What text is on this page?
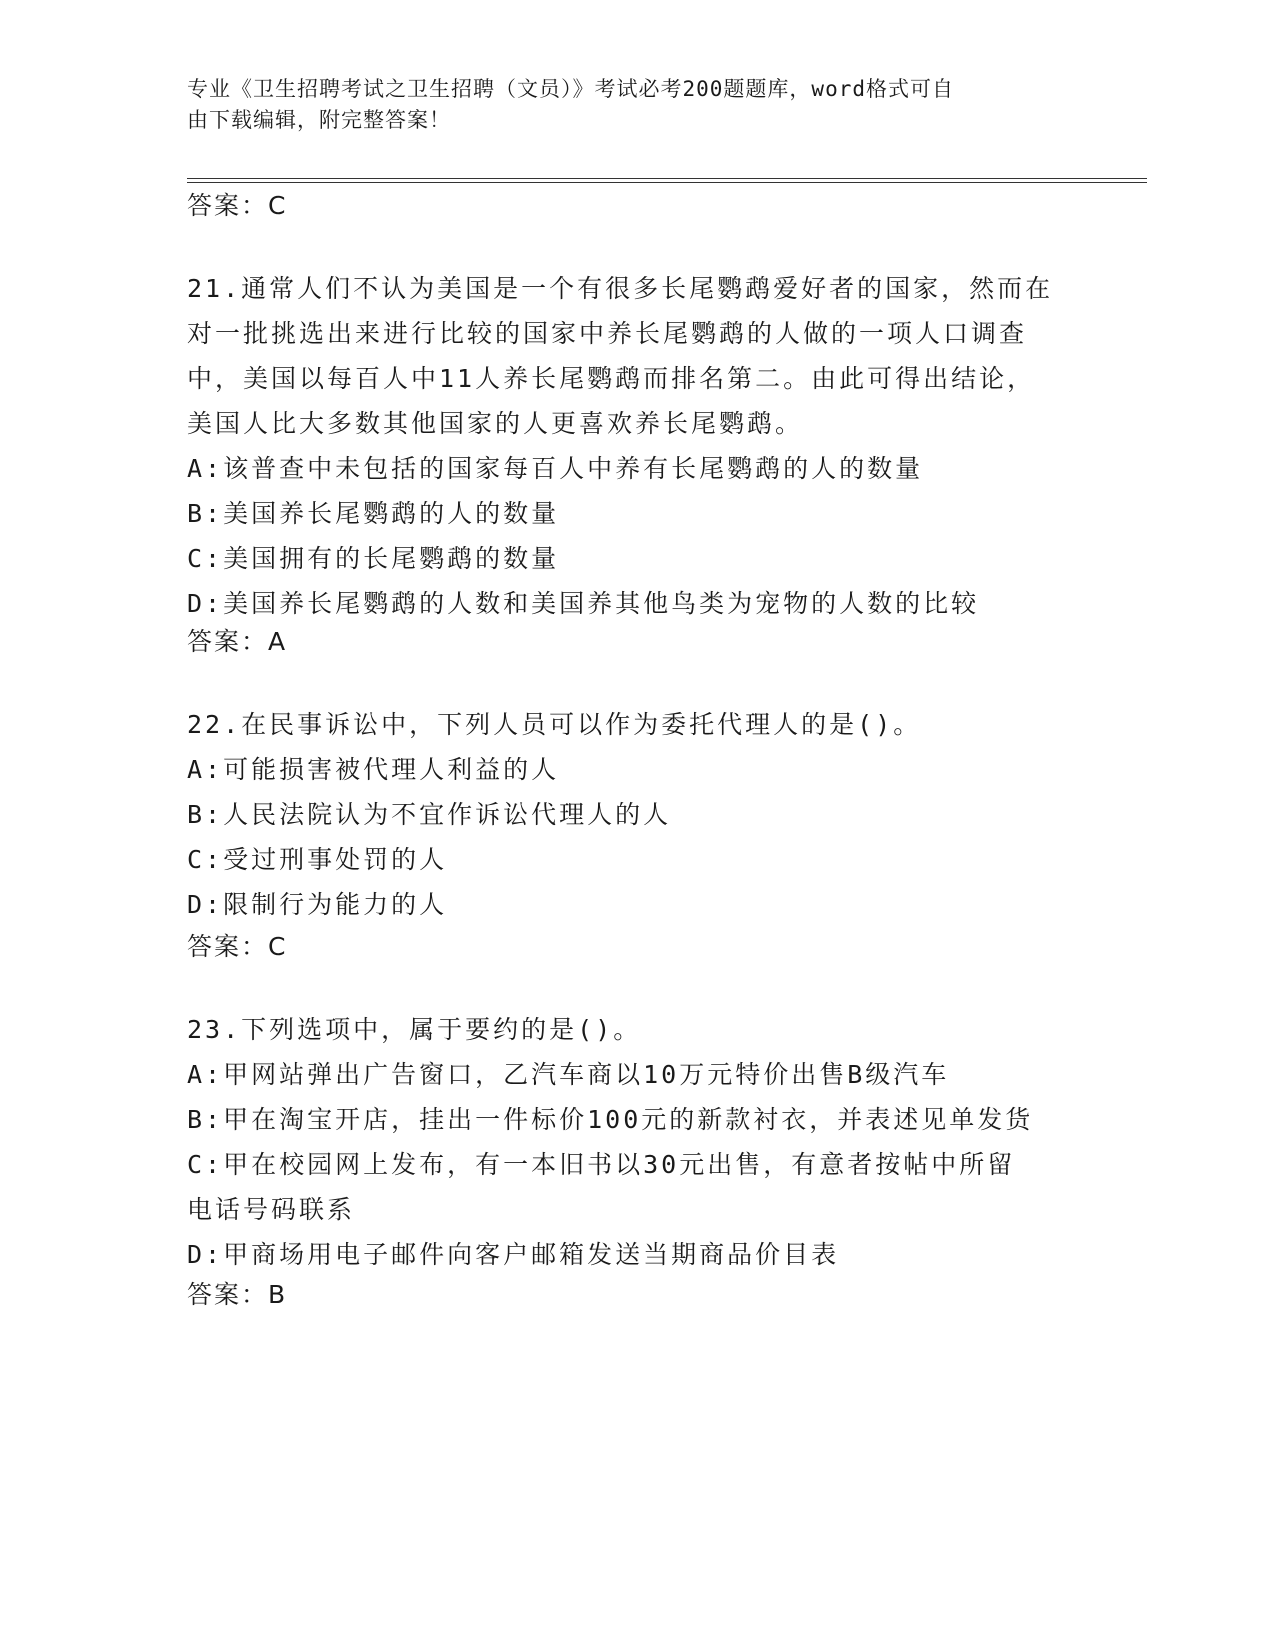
专业《卫生招聘考试之卫生招聘（文员）》考试必考200题题库，word格式可自
由下载编辑，附完整答案！
答案：C
21.通常人们不认为美国是一个有很多长尾鹦鹉爱好者的国家，然而在
对一批挑选出来进行比较的国家中养长尾鹦鹉的人做的一项人口调查
中，美国以每百人中11人养长尾鹦鹉而排名第二。由此可得出结论，
美国人比大多数其他国家的人更喜欢养长尾鹦鹉。
A:该普查中未包括的国家每百人中养有长尾鹦鹉的人的数量
B:美国养长尾鹦鹉的人的数量
C:美国拥有的长尾鹦鹉的数量
D:美国养长尾鹦鹉的人数和美国养其他鸟类为宠物的人数的比较
答案：A
22.在民事诉讼中，下列人员可以作为委托代理人的是()。
A:可能损害被代理人利益的人
B:人民法院认为不宜作诉讼代理人的人
C:受过刑事处罚的人
D:限制行为能力的人
答案：C
23.下列选项中，属于要约的是()。
A:甲网站弹出广告窗口，乙汽车商以10万元特价出售B级汽车
B:甲在淘宝开店，挂出一件标价100元的新款衬衣，并表述见单发货
C:甲在校园网上发布，有一本旧书以30元出售，有意者按帖中所留
电话号码联系
D:甲商场用电子邮件向客户邮箱发送当期商品价目表
答案：B
